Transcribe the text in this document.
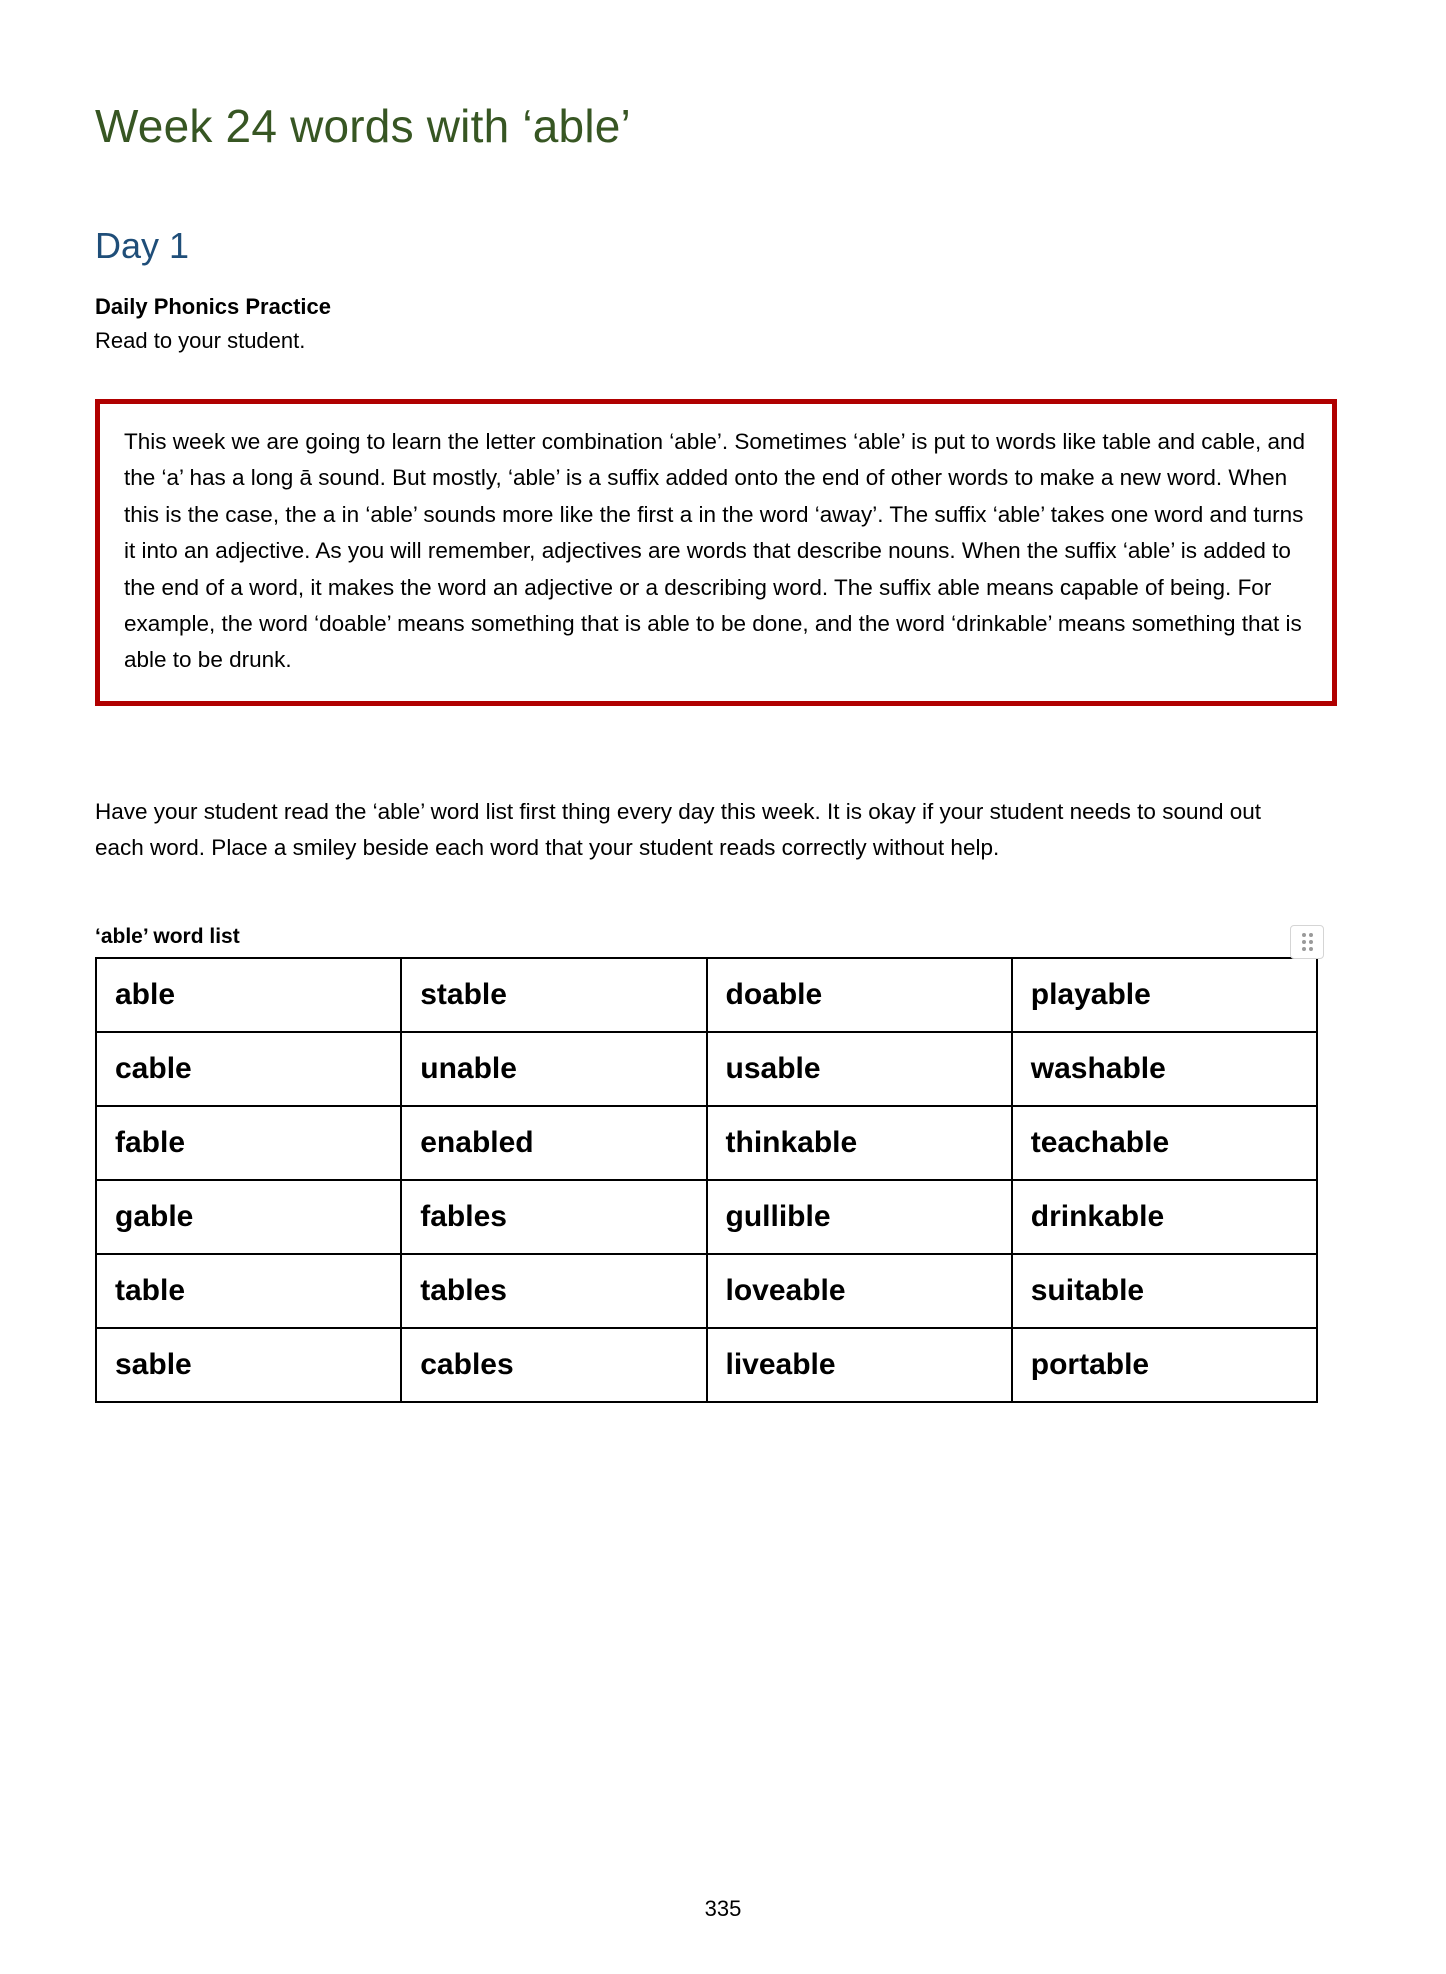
Week 24 words with ‘able’
Day 1

Daily Phonics Practice

Read to your student.

This week we are going to learn the letter combination ‘able’. Sometimes ‘able’ is put to words like table and cable, and the ‘a’ has a long ā sound. But mostly, ‘able’ is a suffix added onto the end of other words to make a new word. When this is the case, the a in ‘able’ sounds more like the first a in the word ‘away’. The suffix ‘able’ takes one word and turns it into an adjective. As you will remember, adjectives are words that describe nouns. When the suffix ‘able’ is added to the end of a word, it makes the word an adjective or a describing word. The suffix able means capable of being. For example, the word ‘doable’ means something that is able to be done, and the word ‘drinkable’ means something that is able to be drunk.

Have your student read the ‘able’ word list first thing every day this week. It is okay if your student needs to sound out each word. Place a smiley beside each word that your student reads correctly without help.

‘able’ word list

able	stable	doable	playable
cable	unable	usable	washable
fable	enabled	thinkable	teachable
gable	fables	gullible	drinkable
table	tables	loveable	suitable
sable	cables	liveable	portable
335
